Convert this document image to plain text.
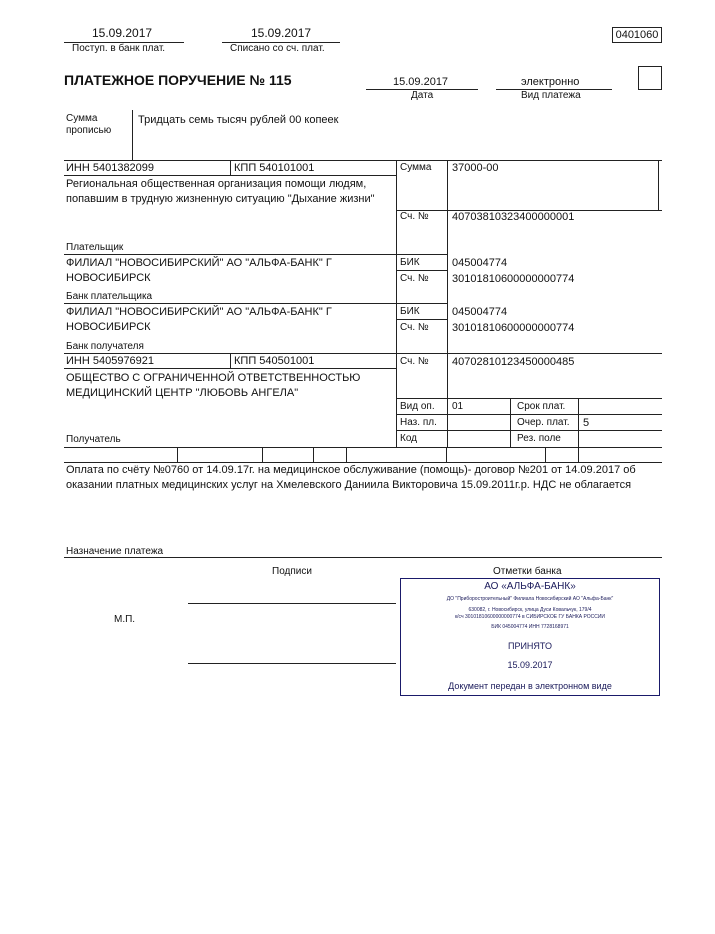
15.09.2017
Поступ. в банк плат.
15.09.2017
Списано со сч. плат.
0401060
ПЛАТЕЖНОЕ ПОРУЧЕНИЕ № 115	15.09.2017
Дата
электронно
Вид платежа
Сумма
прописью
Тридцать семь тысяч рублей 00 копеек
ИНН 5401382099	КПП 540101001
Региональная общественная организация помощи людям, попавшим в трудную жизненную ситуацию "Дыхание жизни"
Плательщик
Сумма 37000-00
Сч. № 40703810323400000001
ФИЛИАЛ "НОВОСИБИРСКИЙ" АО "АЛЬФА-БАНК" Г НОВОСИБИРСК
Банк плательщика
БИК	045004774
Сч. № 30101810600000000774
ФИЛИАЛ "НОВОСИБИРСКИЙ" АО "АЛЬФА-БАНК" Г НОВОСИБИРСК
Банк получателя
БИК	045004774
Сч. № 30101810600000000774
ИНН 5405976921	КПП 540501001
ОБЩЕСТВО С ОГРАНИЧЕННОЙ ОТВЕТСТВЕННОСТЬЮ МЕДИЦИНСКИЙ ЦЕНТР "ЛЮБОВЬ АНГЕЛА"
Получатель
Сч. № 40702810123450000485
Вид оп. 01	Срок плат.
Наз. пл.	Очер. плат. 5
Код	Рез. поле
Оплата по счёту №0760 от 14.09.17г. на медицинское обслуживание (помощь)- договор №201 от 14.09.2017 об оказании платных медицинских услуг на Хмелевского Даниила Викторовича 15.09.2011г.р. НДС не облагается
Назначение платежа
Подписи	Отметки банка
М.П.
АО «АЛЬФА-БАНК»
ДО "Приборостроительный" Филиала Новосибирский АО "Альфа-Банк"
630082, г. Новосибирск, улица Дуси Ковальчук, 179/4
к/сч 30101810600000000774 в СИБИРСКОЕ ГУ БАНКА РОССИИ
БИК 045004774 ИНН 7728168971
ПРИНЯТО
15.09.2017
Документ передан в электронном виде
